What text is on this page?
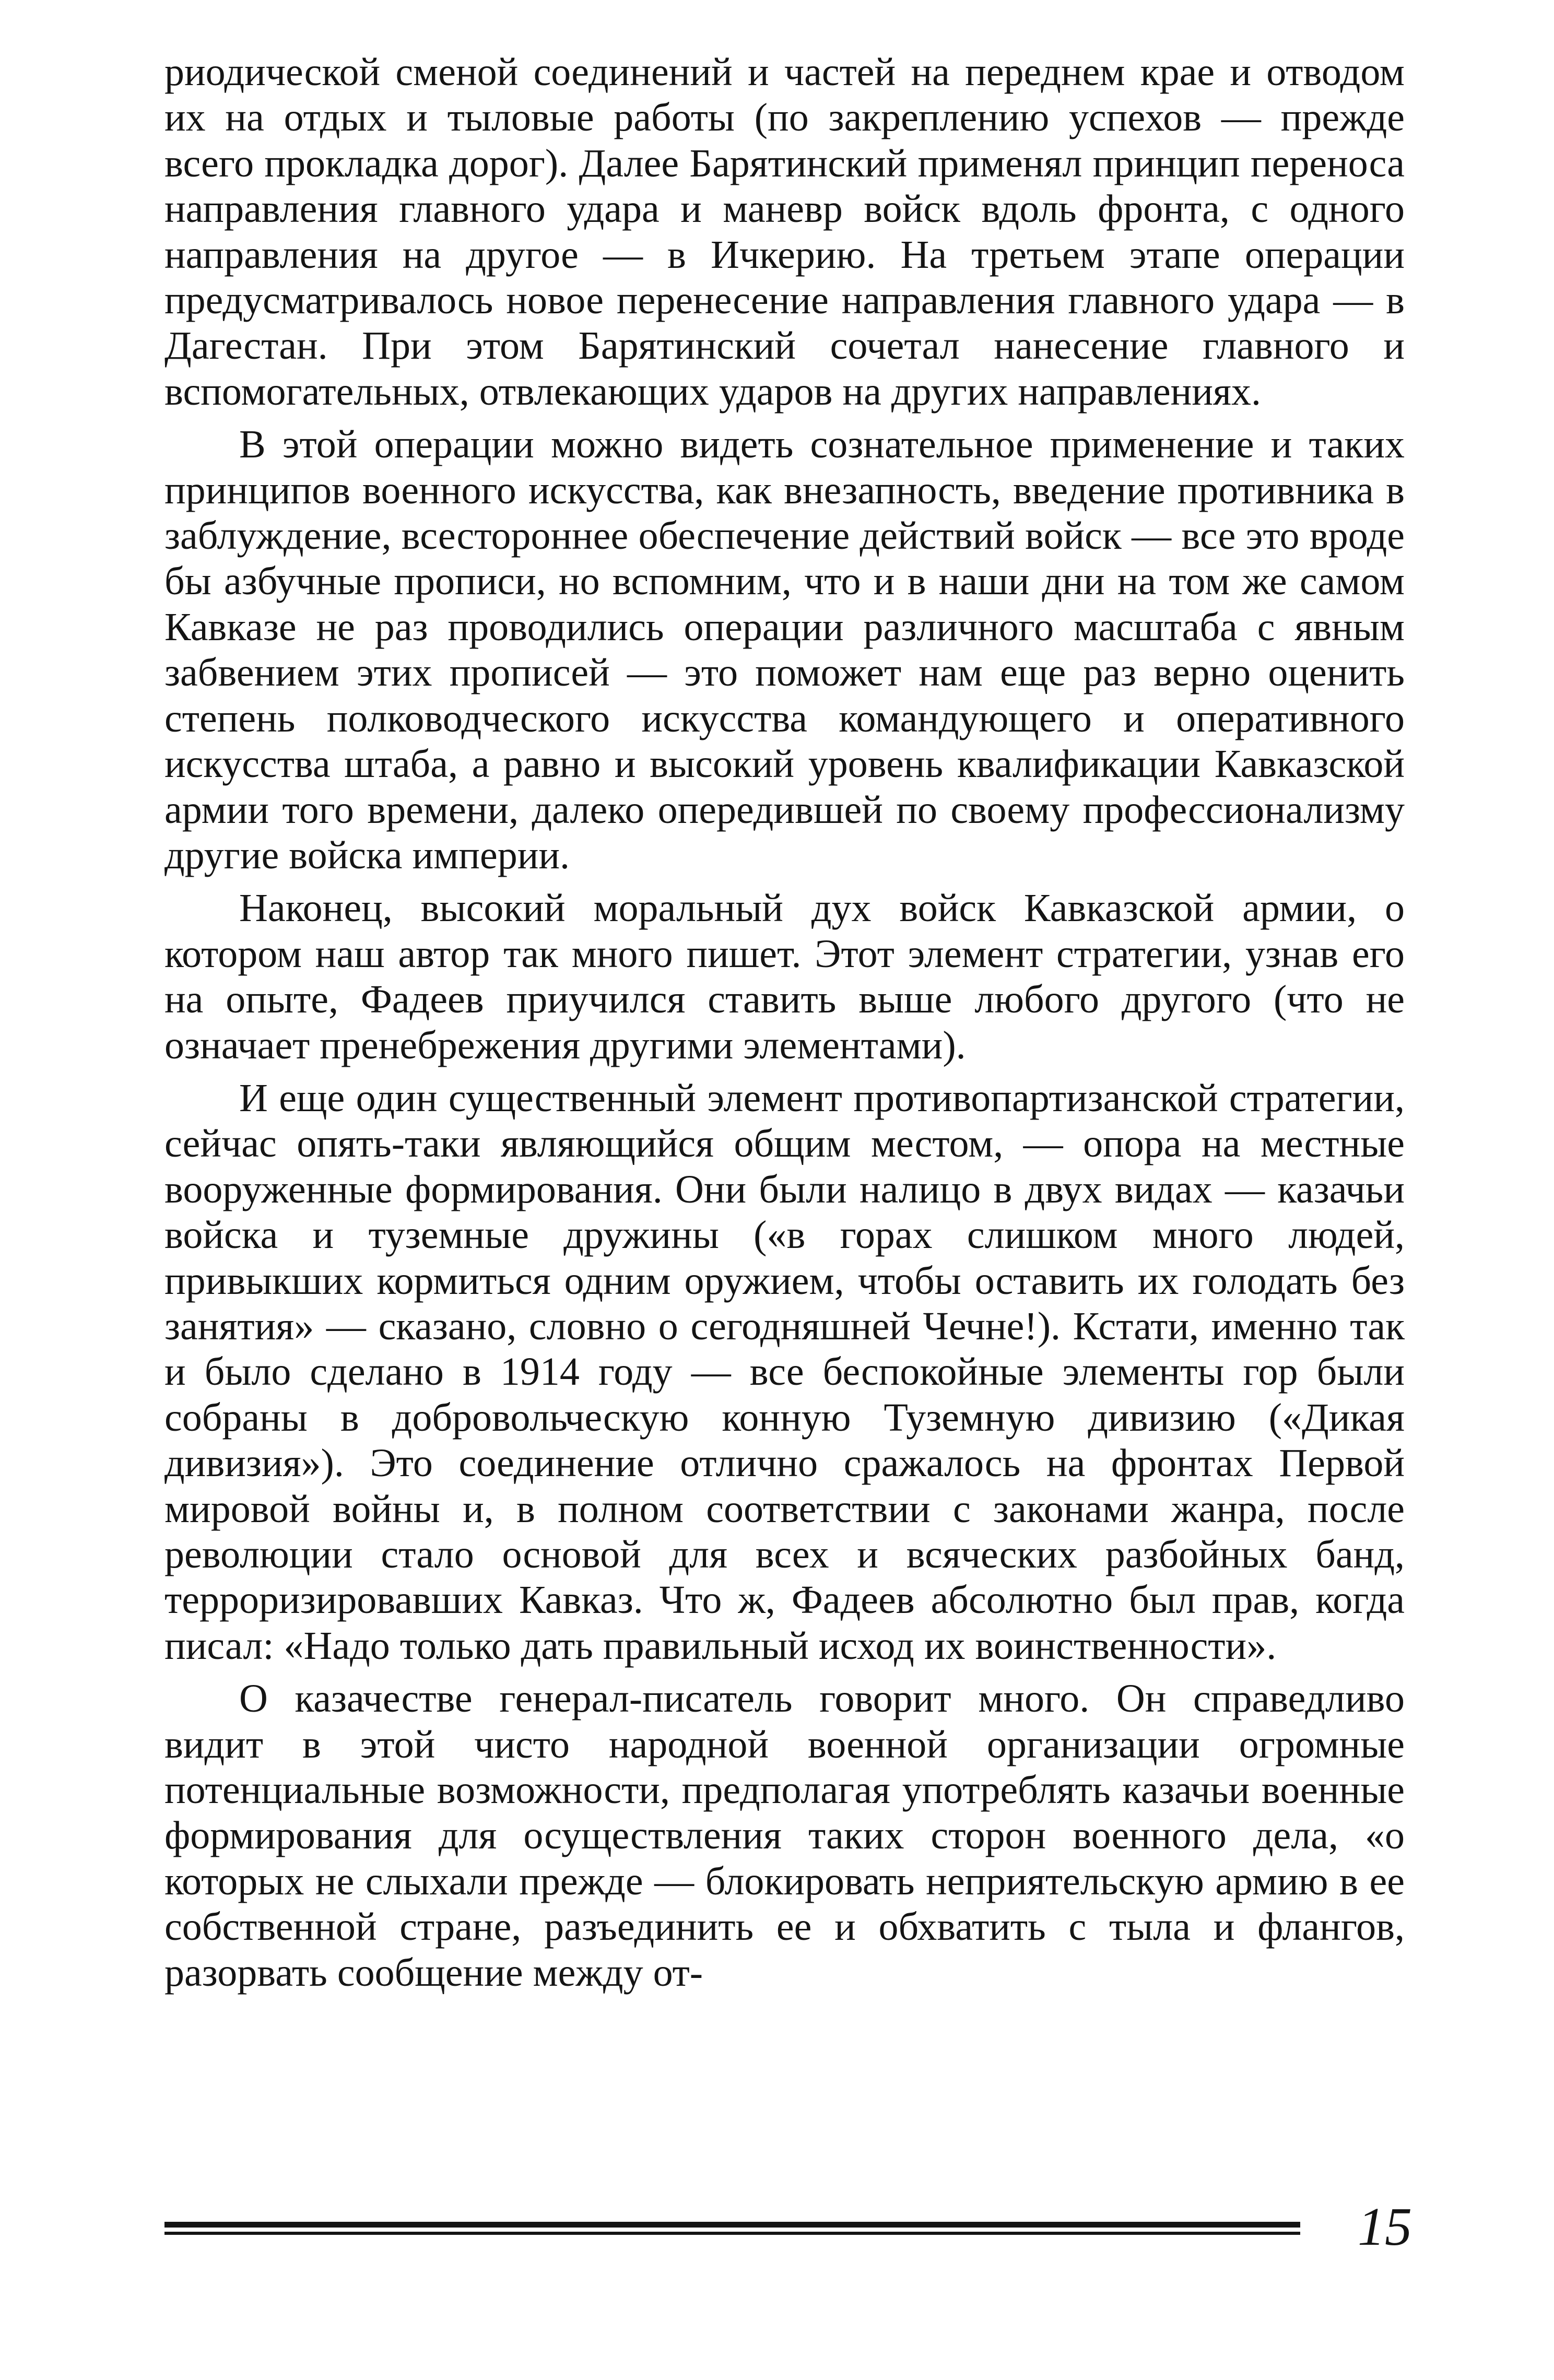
риодической сменой соединений и частей на переднем крае и отводом их на отдых и тыловые работы (по закреплению успехов — прежде всего прокладка дорог). Далее Барятинский применял принцип переноса направления главного удара и маневр войск вдоль фронта, с одного направления на другое — в Ичкерию. На третьем этапе операции предусматривалось новое перенесение направления главного удара — в Дагестан. При этом Барятинский сочетал нанесение главного и вспомогательных, отвлекающих ударов на других направлениях.

В этой операции можно видеть сознательное применение и таких принципов военного искусства, как внезапность, введение противника в заблуждение, всестороннее обеспечение действий войск — все это вроде бы азбучные прописи, но вспомним, что и в наши дни на том же самом Кавказе не раз проводились операции различного масштаба с явным забвением этих прописей — это поможет нам еще раз верно оценить степень полководческого искусства командующего и оперативного искусства штаба, а равно и высокий уровень квалификации Кавказской армии того времени, далеко опередившей по своему профессионализму другие войска империи.

Наконец, высокий моральный дух войск Кавказской армии, о котором наш автор так много пишет. Этот элемент стратегии, узнав его на опыте, Фадеев приучился ставить выше любого другого (что не означает пренебрежения другими элементами).

И еще один существенный элемент противопартизанской стратегии, сейчас опять-таки являющийся общим местом, — опора на местные вооруженные формирования. Они были налицо в двух видах — казачьи войска и туземные дружины («в горах слишком много людей, привыкших кормиться одним оружием, чтобы оставить их голодать без занятия» — сказано, словно о сегодняшней Чечне!). Кстати, именно так и было сделано в 1914 году — все беспокойные элементы гор были собраны в добровольческую конную Туземную дивизию («Дикая дивизия»). Это соединение отлично сражалось на фронтах Первой мировой войны и, в полном соответствии с законами жанра, после революции стало основой для всех и всяческих разбойных банд, терроризировавших Кавказ. Что ж, Фадеев абсолютно был прав, когда писал: «Надо только дать правильный исход их воинственности».

О казачестве генерал-писатель говорит много. Он справедливо видит в этой чисто народной военной организации огромные потенциальные возможности, предполагая употреблять казачьи военные формирования для осуществления таких сторон военного дела, «о которых не слыхали прежде — блокировать неприятельскую армию в ее собственной стране, разъединить ее и обхватить с тыла и флангов, разорвать сообщение между от-

15
